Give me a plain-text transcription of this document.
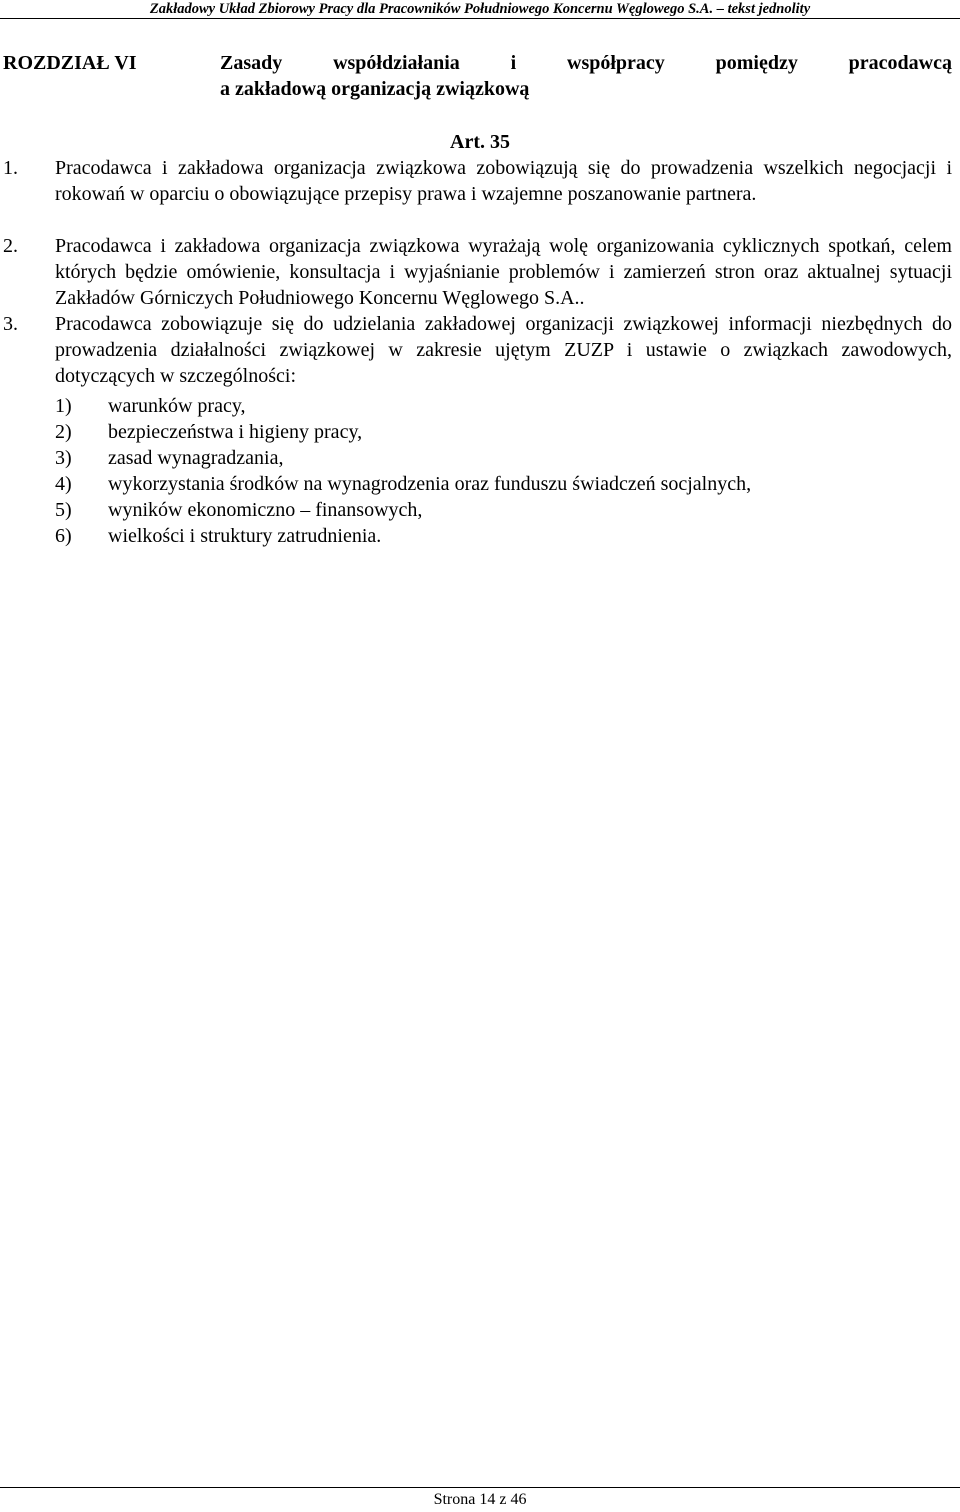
Zakładowy Układ Zbiorowy Pracy dla Pracowników Południowego Koncernu Węglowego S.A. – tekst jednolity
ROZDZIAŁ VI	Zasady współdziałania i współpracy pomiędzy pracodawcą
a zakładową organizacją związkową
Art. 35
1. Pracodawca i zakładowa organizacja związkowa zobowiązują się do prowadzenia wszelkich negocjacji i rokowań w oparciu o obowiązujące przepisy prawa i wzajemne poszanowanie partnera.
2. Pracodawca i zakładowa organizacja związkowa wyrażają wolę organizowania cyklicznych spotkań, celem których będzie omówienie, konsultacja i wyjaśnianie problemów i zamierzeń stron oraz aktualnej sytuacji Zakładów Górniczych Południowego Koncernu Węglowego S.A..
3. Pracodawca zobowiązuje się do udzielania zakładowej organizacji związkowej informacji niezbędnych do prowadzenia działalności związkowej w zakresie ujętym ZUZP i ustawie o związkach zawodowych, dotyczących w szczególności:
1) warunków pracy,
2) bezpieczeństwa i higieny pracy,
3) zasad wynagradzania,
4) wykorzystania środków na wynagrodzenia oraz funduszu świadczeń socjalnych,
5) wyników ekonomiczno – finansowych,
6) wielkości i struktury zatrudnienia.
Strona 14 z 46
